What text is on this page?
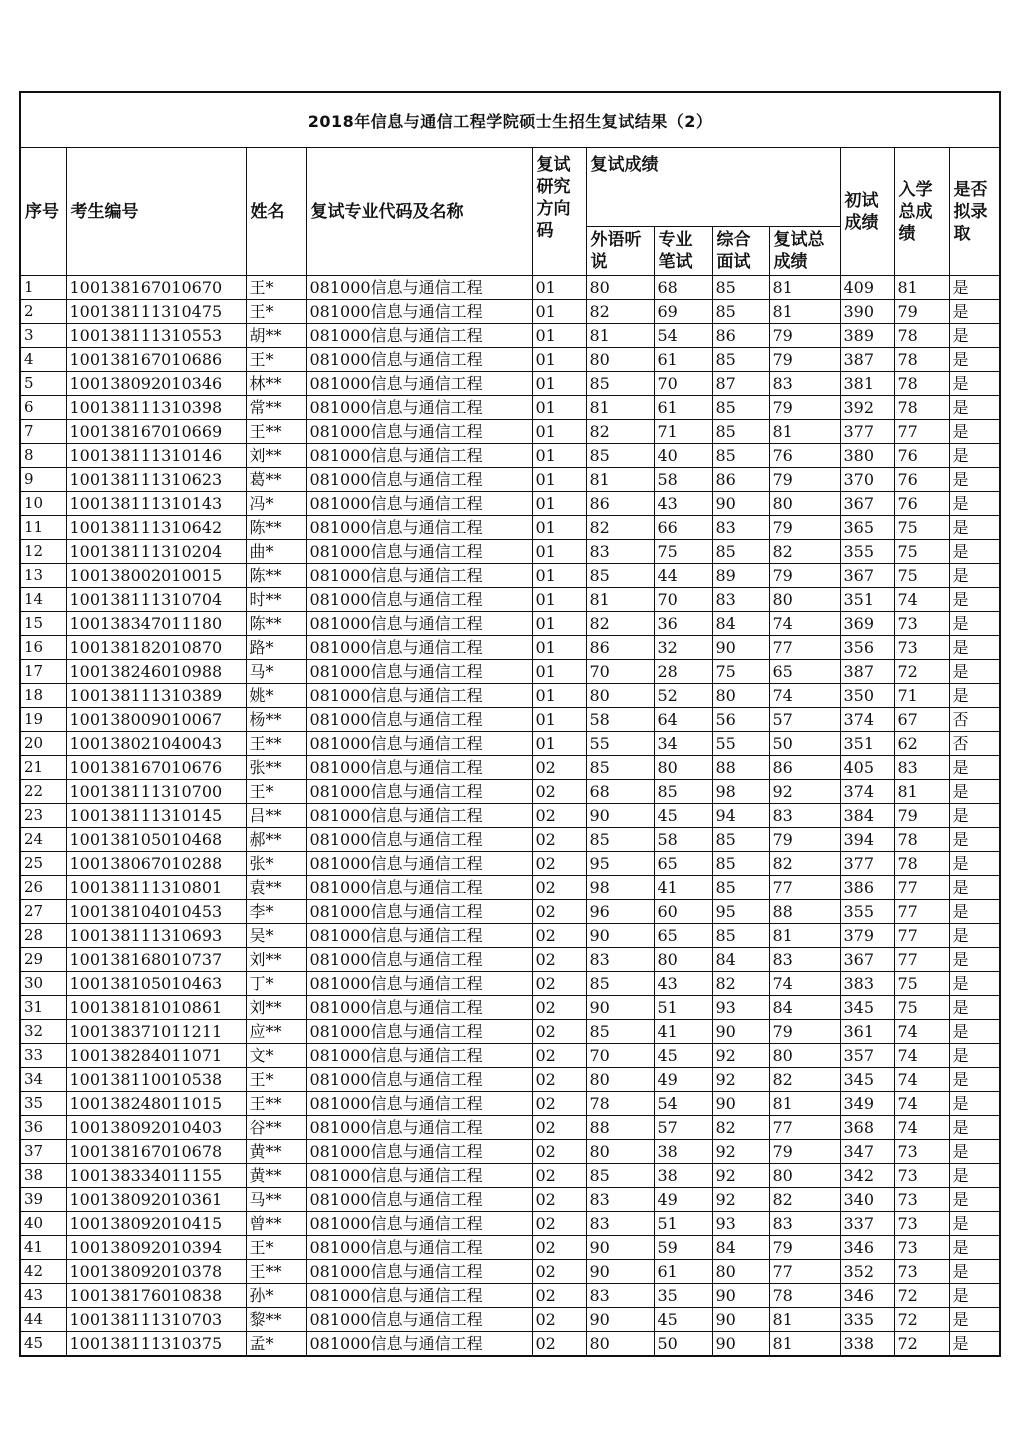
2018年信息与通信工程学院硕士生招生复试结果（2）											
序号	考生编号	姓名	复试专业代码及名称	复试研究方向码	复试成绩				初试成绩	入学总成绩	是否拟录取
					外语听说	专业笔试	综合面试	复试总成绩			
1	100138167010670	王*	081000信息与通信工程	01	80	68	85	81	409	81	是
2	100138111310475	王*	081000信息与通信工程	01	82	69	85	81	390	79	是
3	100138111310553	胡**	081000信息与通信工程	01	81	54	86	79	389	78	是
4	100138167010686	王*	081000信息与通信工程	01	80	61	85	79	387	78	是
5	100138092010346	林**	081000信息与通信工程	01	85	70	87	83	381	78	是
6	100138111310398	常**	081000信息与通信工程	01	81	61	85	79	392	78	是
7	100138167010669	王**	081000信息与通信工程	01	82	71	85	81	377	77	是
8	100138111310146	刘**	081000信息与通信工程	01	85	40	85	76	380	76	是
9	100138111310623	葛**	081000信息与通信工程	01	81	58	86	79	370	76	是
10	100138111310143	冯*	081000信息与通信工程	01	86	43	90	80	367	76	是
11	100138111310642	陈**	081000信息与通信工程	01	82	66	83	79	365	75	是
12	100138111310204	曲*	081000信息与通信工程	01	83	75	85	82	355	75	是
13	100138002010015	陈**	081000信息与通信工程	01	85	44	89	79	367	75	是
14	100138111310704	时**	081000信息与通信工程	01	81	70	83	80	351	74	是
15	100138347011180	陈**	081000信息与通信工程	01	82	36	84	74	369	73	是
16	100138182010870	路*	081000信息与通信工程	01	86	32	90	77	356	73	是
17	100138246010988	马*	081000信息与通信工程	01	70	28	75	65	387	72	是
18	100138111310389	姚*	081000信息与通信工程	01	80	52	80	74	350	71	是
19	100138009010067	杨**	081000信息与通信工程	01	58	64	56	57	374	67	否
20	100138021040043	王**	081000信息与通信工程	01	55	34	55	50	351	62	否
21	100138167010676	张**	081000信息与通信工程	02	85	80	88	86	405	83	是
22	100138111310700	王*	081000信息与通信工程	02	68	85	98	92	374	81	是
23	100138111310145	吕**	081000信息与通信工程	02	90	45	94	83	384	79	是
24	100138105010468	郝**	081000信息与通信工程	02	85	58	85	79	394	78	是
25	100138067010288	张*	081000信息与通信工程	02	95	65	85	82	377	78	是
26	100138111310801	袁**	081000信息与通信工程	02	98	41	85	77	386	77	是
27	100138104010453	李*	081000信息与通信工程	02	96	60	95	88	355	77	是
28	100138111310693	吴*	081000信息与通信工程	02	90	65	85	81	379	77	是
29	100138168010737	刘**	081000信息与通信工程	02	83	80	84	83	367	77	是
30	100138105010463	丁*	081000信息与通信工程	02	85	43	82	74	383	75	是
31	100138181010861	刘**	081000信息与通信工程	02	90	51	93	84	345	75	是
32	100138371011211	应**	081000信息与通信工程	02	85	41	90	79	361	74	是
33	100138284011071	文*	081000信息与通信工程	02	70	45	92	80	357	74	是
34	100138110010538	王*	081000信息与通信工程	02	80	49	92	82	345	74	是
35	100138248011015	王**	081000信息与通信工程	02	78	54	90	81	349	74	是
36	100138092010403	谷**	081000信息与通信工程	02	88	57	82	77	368	74	是
37	100138167010678	黄**	081000信息与通信工程	02	80	38	92	79	347	73	是
38	100138334011155	黄**	081000信息与通信工程	02	85	38	92	80	342	73	是
39	100138092010361	马**	081000信息与通信工程	02	83	49	92	82	340	73	是
40	100138092010415	曾**	081000信息与通信工程	02	83	51	93	83	337	73	是
41	100138092010394	王*	081000信息与通信工程	02	90	59	84	79	346	73	是
42	100138092010378	王**	081000信息与通信工程	02	90	61	80	77	352	73	是
43	100138176010838	孙*	081000信息与通信工程	02	83	35	90	78	346	72	是
44	100138111310703	黎**	081000信息与通信工程	02	90	45	90	81	335	72	是
45	100138111310375	孟*	081000信息与通信工程	02	80	50	90	81	338	72	是
